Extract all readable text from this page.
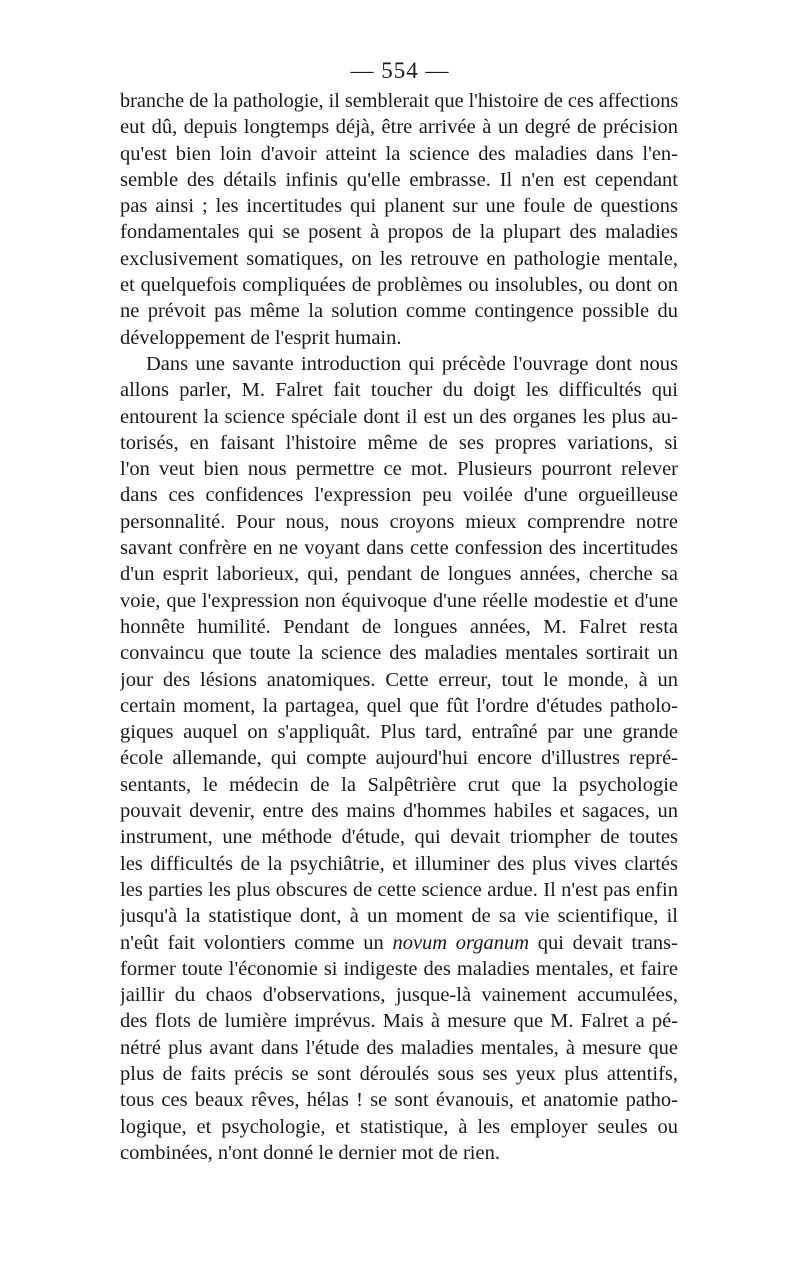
— 554 —

branche de la pathologie, il semblerait que l'histoire de ces affections
eut dû, depuis longtemps déjà, être arrivée à un degré de précision
qu'est bien loin d'avoir atteint la science des maladies dans l'en-
semble des détails infinis qu'elle embrasse. Il n'en est cependant
pas ainsi ; les incertitudes qui planent sur une foule de questions
fondamentales qui se posent à propos de la plupart des maladies
exclusivement somatiques, on les retrouve en pathologie mentale,
et quelquefois compliquées de problèmes ou insolubles, ou dont on
ne prévoit pas même la solution comme contingence possible du
développement de l'esprit humain.
Dans une savante introduction qui précède l'ouvrage dont nous
allons parler, M. Falret fait toucher du doigt les difficultés qui
entourent la science spéciale dont il est un des organes les plus au-
torisés, en faisant l'histoire même de ses propres variations, si
l'on veut bien nous permettre ce mot. Plusieurs pourront relever
dans ces confidences l'expression peu voilée d'une orgueilleuse
personnalité. Pour nous, nous croyons mieux comprendre notre
savant confrère en ne voyant dans cette confession des incertitudes
d'un esprit laborieux, qui, pendant de longues années, cherche sa
voie, que l'expression non équivoque d'une réelle modestie et d'une
honnête humilité. Pendant de longues années, M. Falret resta
convaincu que toute la science des maladies mentales sortirait un
jour des lésions anatomiques. Cette erreur, tout le monde, à un
certain moment, la partagea, quel que fût l'ordre d'études patholo-
giques auquel on s'appliquât. Plus tard, entraîné par une grande
école allemande, qui compte aujourd'hui encore d'illustres repré-
sentants, le médecin de la Salpêtrière crut que la psychologie
pouvait devenir, entre des mains d'hommes habiles et sagaces, un
instrument, une méthode d'étude, qui devait triompher de toutes
les difficultés de la psychiâtrie, et illuminer des plus vives clartés
les parties les plus obscures de cette science ardue. Il n'est pas enfin
jusqu'à la statistique dont, à un moment de sa vie scientifique, il
n'eût fait volontiers comme un novum organum qui devait trans-
former toute l'économie si indigeste des maladies mentales, et faire
jaillir du chaos d'observations, jusque-là vainement accumulées,
des flots de lumière imprévus. Mais à mesure que M. Falret a pé-
nétré plus avant dans l'étude des maladies mentales, à mesure que
plus de faits précis se sont déroulés sous ses yeux plus attentifs,
tous ces beaux rêves, hélas ! se sont évanouis, et anatomie patho-
logique, et psychologie, et statistique, à les employer seules ou
combinées, n'ont donné le dernier mot de rien.
